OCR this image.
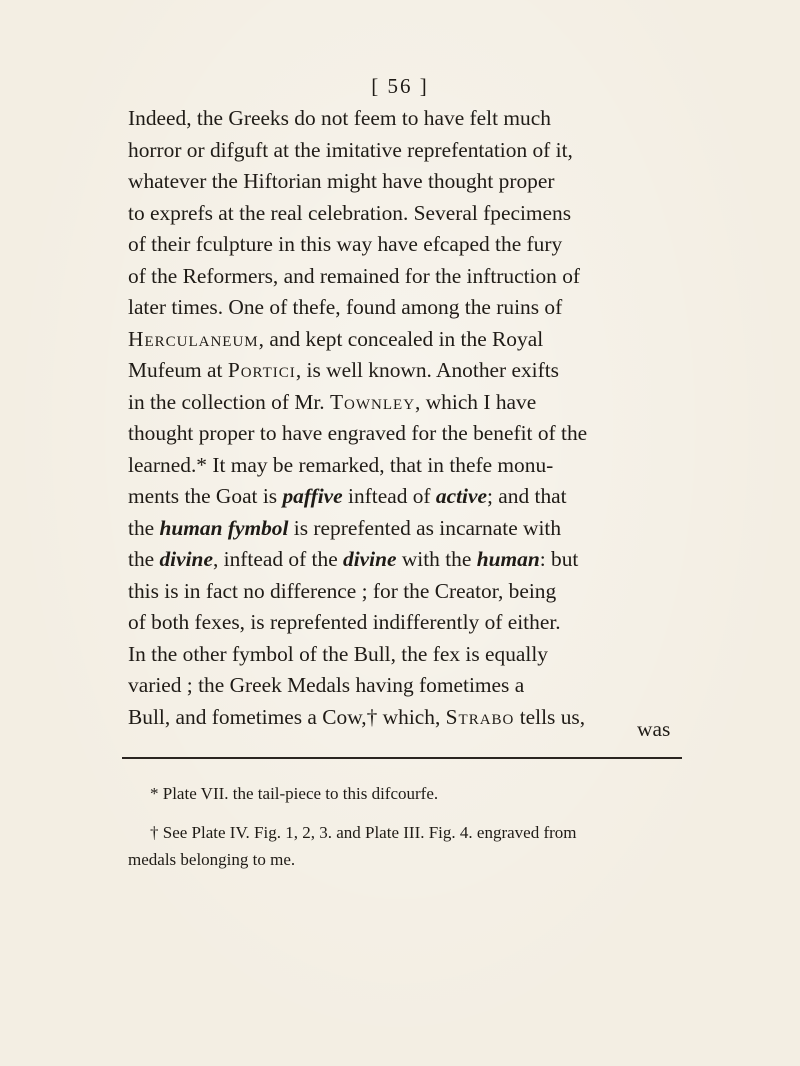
[ 56 ]
Indeed, the Greeks do not feem to have felt much
horror or difguft at the imitative reprefentation of it,
whatever the Hiftorian might have thought proper
to exprefs at the real celebration. Several fpecimens
of their fculpture in this way have efcaped the fury
of the Reformers, and remained for the inftruction of
later times. One of thefe, found among the ruins of
Herculaneum, and kept concealed in the Royal
Mufeum at Portici, is well known. Another exifts
in the collection of Mr. Townley, which I have
thought proper to have engraved for the benefit of the
learned.* It may be remarked, that in thefe monu-
ments the Goat is paffive inftead of active; and that
the human fymbol is reprefented as incarnate with
the divine, inftead of the divine with the human: but
this is in fact no difference ; for the Creator, being
of both fexes, is reprefented indifferently of either.
In the other fymbol of the Bull, the fex is equally
varied ; the Greek Medals having fometimes a
Bull, and fometimes a Cow,† which, Strabo tells us,
was
* Plate VII. the tail-piece to this difcourfe.
† See Plate IV. Fig. 1, 2, 3. and Plate III. Fig. 4. engraved from
medals belonging to me.
